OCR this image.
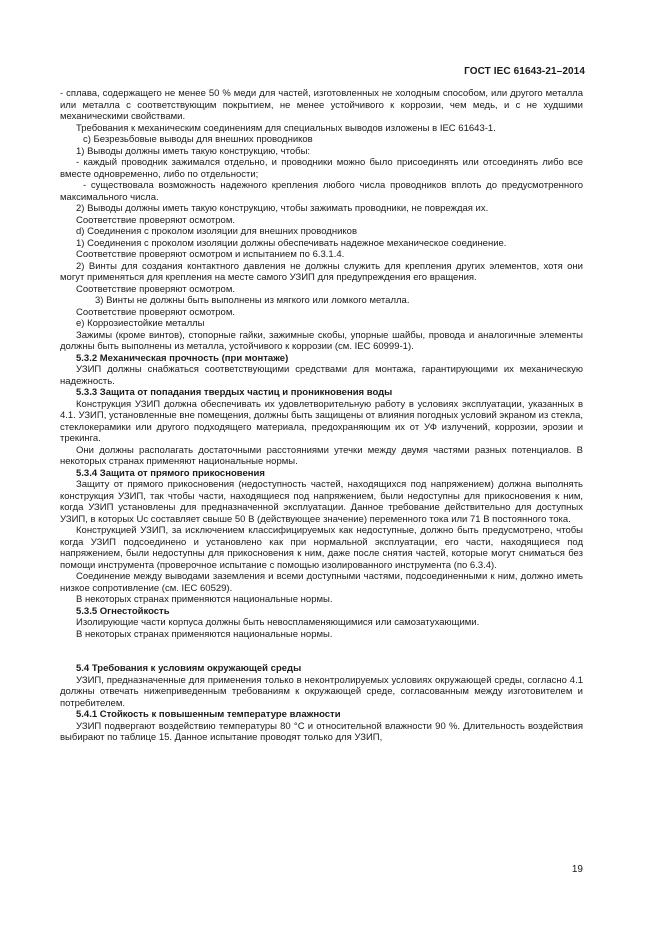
ГОСТ IEC 61643-21–2014

- сплава, содержащего не менее 50 % меди для частей, изготовленных не холодным способом, или другого металла или металла с соответствующим покрытием, не менее устойчивого к коррозии, чем медь, и с не худшими механическими свойствами.

Требования к механическим соединениям для специальных выводов изложены в IEC 61643-1.

с) Безрезьбовые выводы для внешних проводников

1) Выводы должны иметь такую конструкцию, чтобы:

- каждый проводник зажимался отдельно, и проводники можно было присоединять или отсоединять либо все вместе одновременно, либо по отдельности;

- существовала возможность надежного крепления любого числа проводников вплоть до предусмотренного максимального числа.

2) Выводы должны иметь такую конструкцию, чтобы зажимать проводники, не повреждая их.

Соответствие проверяют осмотром.

d) Соединения с проколом изоляции для внешних проводников

1) Соединения с проколом изоляции должны обеспечивать надежное механическое соединение.

Соответствие проверяют осмотром и испытанием по 6.3.1.4.

2) Винты для создания контактного давления не должны служить для крепления других элементов, хотя они могут применяться для крепления на месте самого УЗИП для предупреждения его вращения.

Соответствие проверяют осмотром.

3) Винты не должны быть выполнены из мягкого или ломкого металла.

Соответствие проверяют осмотром.

е) Коррозиестойкие металлы

Зажимы (кроме винтов), стопорные гайки, зажимные скобы, упорные шайбы, провода и аналогичные элементы должны быть выполнены из металла, устойчивого к коррозии (см. IEC 60999-1).

5.3.2 Механическая прочность (при монтаже)

УЗИП должны снабжаться соответствующими средствами для монтажа, гарантирующими их механическую надежность.

5.3.3 Защита от попадания твердых частиц и проникновения воды

Конструкция УЗИП должна обеспечивать их удовлетворительную работу в условиях эксплуатации, указанных в 4.1. УЗИП, установленные вне помещения, должны быть защищены от влияния погодных условий экраном из стекла, стеклокерамики или другого подходящего материала, предохраняющим их от УФ излучений, коррозии, эрозии и трекинга.

Они должны располагать достаточными расстояниями утечки между двумя частями разных потенциалов. В некоторых странах применяют национальные нормы.

5.3.4 Защита от прямого прикосновения

Защиту от прямого прикосновения (недоступность частей, находящихся под напряжением) должна выполнять конструкция УЗИП, так чтобы части, находящиеся под напряжением, были недоступны для прикосновения к ним, когда УЗИП установлены для предназначенной эксплуатации. Данное требование действительно для доступных УЗИП, в которых Uc составляет свыше 50 В (действующее значение) переменного тока или 71 В постоянного тока.

Конструкцией УЗИП, за исключением классифицируемых как недоступные, должно быть предусмотрено, чтобы когда УЗИП подсоединено и установлено как при нормальной эксплуатации, его части, находящиеся под напряжением, были недоступны для прикосновения к ним, даже после снятия частей, которые могут сниматься без помощи инструмента (проверочное испытание с помощью изолированного инструмента (по 6.3.4).

Соединение между выводами заземления и всеми доступными частями, подсоединенными к ним, должно иметь низкое сопротивление (см. IEC 60529).

В некоторых странах применяются национальные нормы.

5.3.5 Огнестойкость

Изолирующие части корпуса должны быть невоспламеняющимися или самозатухающими.

В некоторых странах применяются национальные нормы.

5.4 Требования к условиям окружающей среды

УЗИП, предназначенные для применения только в неконтролируемых условиях окружающей среды, согласно 4.1 должны отвечать нижеприведенным требованиям к окружающей среде, согласованным между изготовителем и потребителем.

5.4.1 Стойкость к повышенным температуре влажности

УЗИП подвергают воздействию температуры 80 °C и относительной влажности 90 %. Длительность воздействия выбирают по таблице 15. Данное испытание проводят только для УЗИП,

19
